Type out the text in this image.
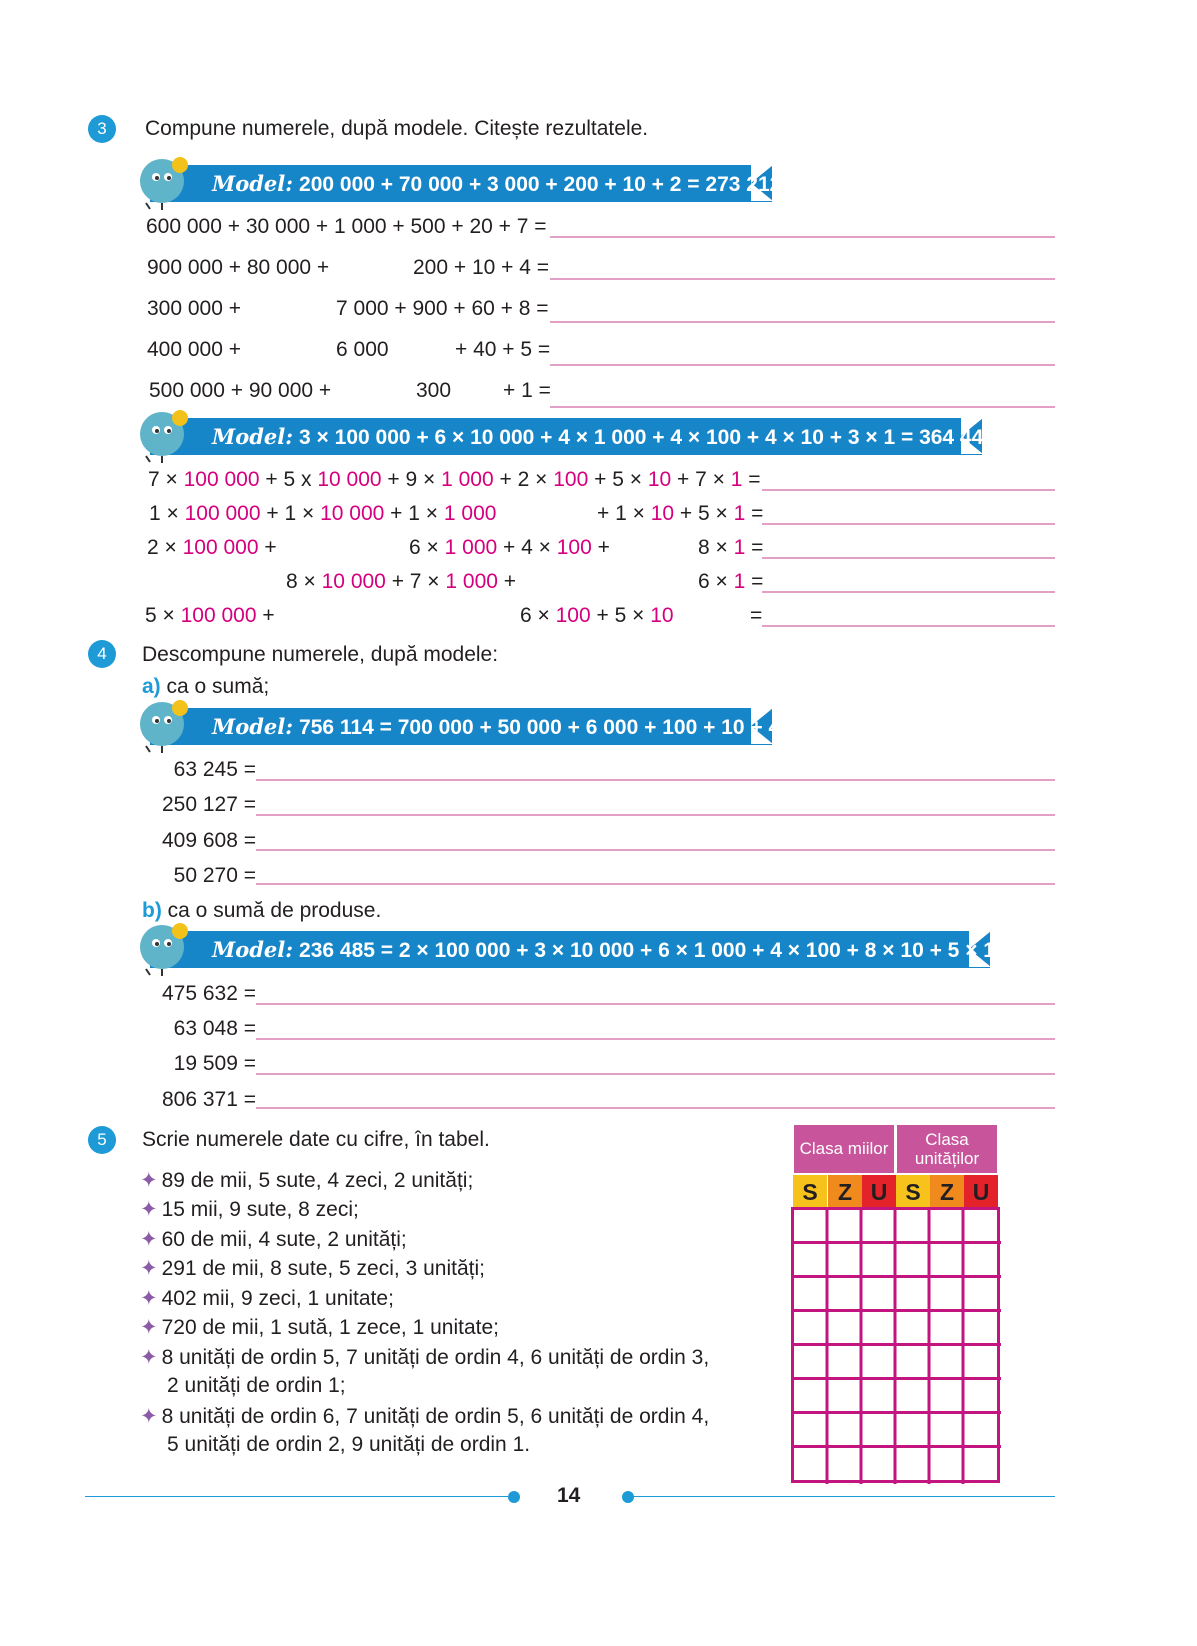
3	Compune numerele, după modele. Citește rezultatele.
Model: 200 000 + 70 000 + 3 000 + 200 + 10 + 2 = 273 212
600 000 + 30 000 + 1 000 + 500 + 20 + 7 =
900 000 + 80 000 +	200 + 10 + 4 =
300 000 +	7 000 + 900 + 60 + 8 =
400 000 +	6 000	+ 40 + 5 =
500 000 + 90 000 +	300 + 1 =
Model: 3 × 100 000 + 6 × 10 000 + 4 × 1 000 + 4 × 100 + 4 × 10 + 3 × 1 = 364 443
7 × 100 000 + 5 x 10 000 + 9 × 1 000 + 2 × 100 + 5 × 10 + 7 × 1 =
1 × 100 000 + 1 × 10 000 + 1 × 1 000	+ 1 × 10 + 5 × 1 =
2 × 100 000 +	6 × 1 000 + 4 × 100 +	8 × 1 =
8 × 10 000 + 7 × 1 000 +	6 × 1 =
5 × 100 000 +	6 × 100 + 5 × 10	=
4	Descompune numerele, după modele:
a) ca o sumă;
Model: 756 114 = 700 000 + 50 000 + 6 000 + 100 + 10 + 4
63 245 =
250 127 =
409 608 =
50 270 =
b) ca o sumă de produse.
Model: 236 485 = 2 × 100 000 + 3 × 10 000 + 6 × 1 000 + 4 × 100 + 8 × 10 + 5 × 1
475 632 =
63 048 =
19 509 =
806 371 =
5	Scrie numerele date cu cifre, în tabel.
✦ 89 de mii, 5 sute, 4 zeci, 2 unități;
✦ 15 mii, 9 sute, 8 zeci;
✦ 60 de mii, 4 sute, 2 unități;
✦ 291 de mii, 8 sute, 5 zeci, 3 unități;
✦ 402 mii, 9 zeci, 1 unitate;
✦ 720 de mii, 1 sută, 1 zece, 1 unitate;
✦ 8 unități de ordin 5, 7 unități de ordin 4, 6 unități de ordin 3,
2 unități de ordin 1;
✦ 8 unități de ordin 6, 7 unități de ordin 5, 6 unități de ordin 4,
5 unități de ordin 2, 9 unități de ordin 1.
Clasa miilor	Clasa unităților
S Z U S Z U
14
